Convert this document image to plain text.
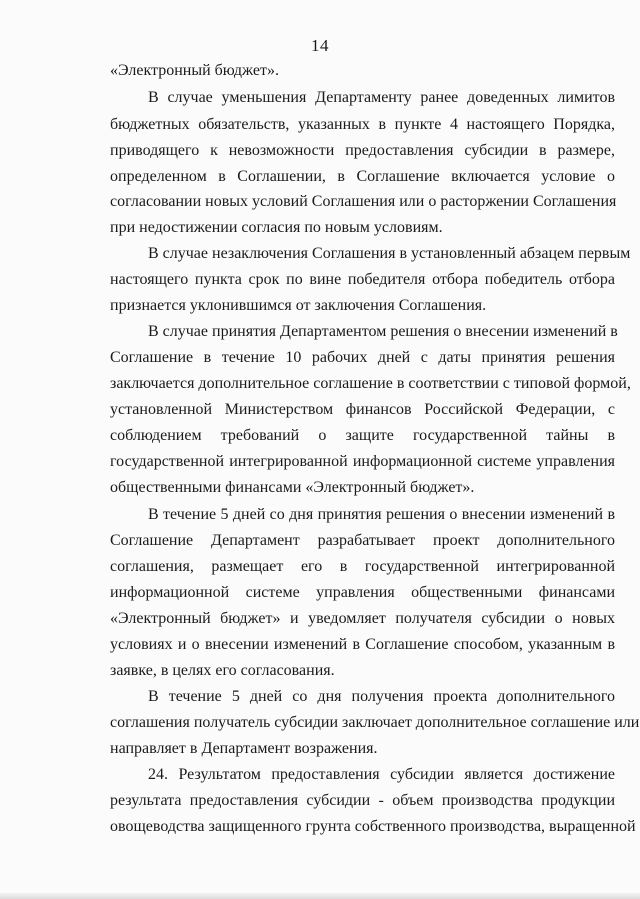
14
«Электронный бюджет».
В случае уменьшения Департаменту ранее доведенных лимитов
бюджетных обязательств, указанных в пункте 4 настоящего Порядка,
приводящего к невозможности предоставления субсидии в размере,
определенном в Соглашении, в Соглашение включается условие о
согласовании новых условий Соглашения или о расторжении Соглашения
при недостижении согласия по новым условиям.
В случае незаключения Соглашения в установленный абзацем первым
настоящего пункта срок по вине победителя отбора победитель отбора
признается уклонившимся от заключения Соглашения.
В случае принятия Департаментом решения о внесении изменений в
Соглашение в течение 10 рабочих дней с даты принятия решения
заключается дополнительное соглашение в соответствии с типовой формой,
установленной Министерством финансов Российской Федерации, с
соблюдением требований о защите государственной тайны в
государственной интегрированной информационной системе управления
общественными финансами «Электронный бюджет».
В течение 5 дней со дня принятия решения о внесении изменений в
Соглашение Департамент разрабатывает проект дополнительного
соглашения, размещает его в государственной интегрированной
информационной системе управления общественными финансами
«Электронный бюджет» и уведомляет получателя субсидии о новых
условиях и о внесении изменений в Соглашение способом, указанным в
заявке, в целях его согласования.
В течение 5 дней со дня получения проекта дополнительного
соглашения получатель субсидии заключает дополнительное соглашение или
направляет в Департамент возражения.
24. Результатом предоставления субсидии является достижение
результата предоставления субсидии - объем производства продукции
овощеводства защищенного грунта собственного производства, выращенной
